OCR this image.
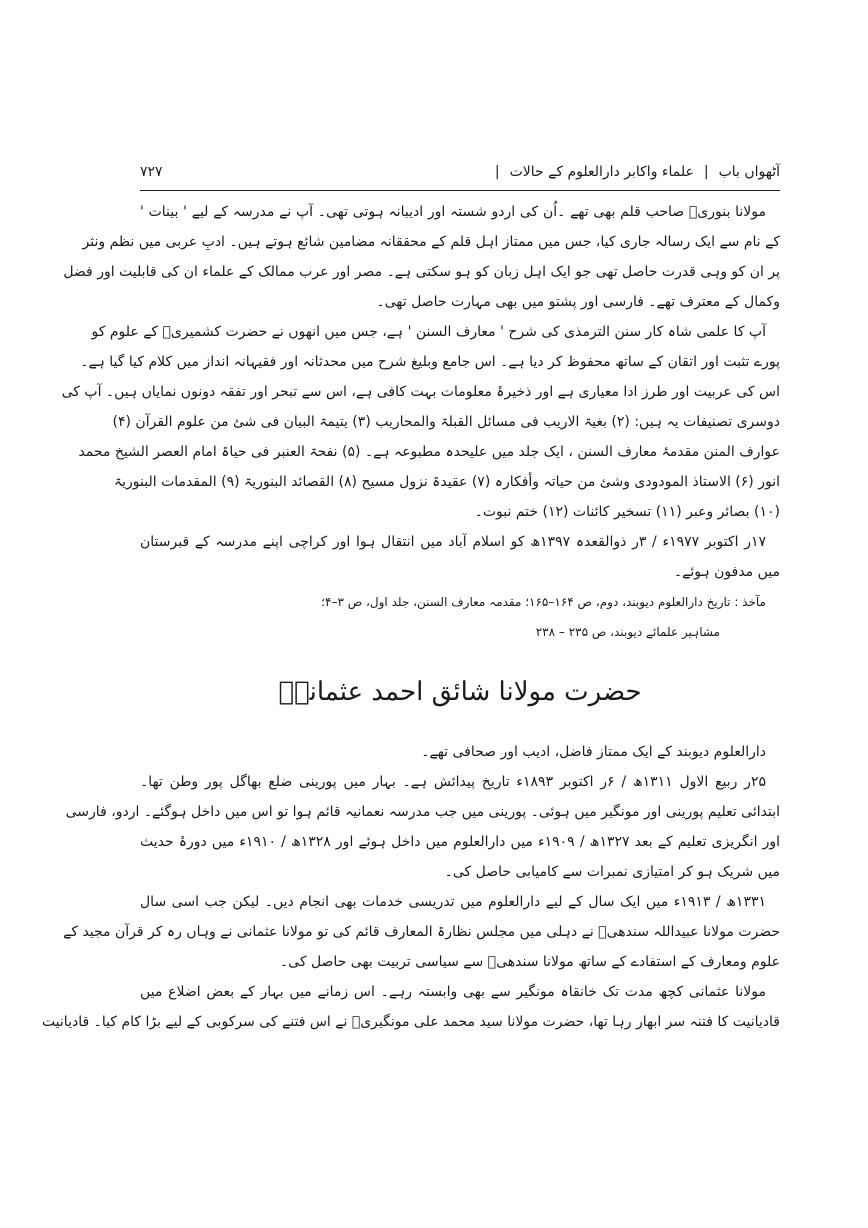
آٹھواں باب
|
علماء واکابر دارالعلوم کے حالات
|
۷۲۷
مولانا بنوریؒ صاحب قلم بھی تھے ۔اُن کی اردو شستہ اور ادیبانہ ہوتی تھی۔ آپ نے مدرسہ کے لیے ' بینات '
کے نام سے ایک رسالہ جاری کیا، جس میں ممتاز اہل قلم کے محققانہ مضامین شائع ہوتے ہیں۔ ادبِ عربی میں نظم ونثر
پر ان کو وہی قدرت حاصل تھی جو ایک اہل زبان کو ہو سکتی ہے۔ مصر اور عرب ممالک کے علماء ان کی قابلیت اور فضل
وکمال کے معترف تھے۔ فارسی اور پشتو میں بھی مہارت حاصل تھی۔
آپ کا علمی شاہ کار سنن الترمذی کی شرح ' معارف السنن ' ہے، جس میں انھوں نے حضرت کشمیریؒ کے علوم کو
پورے تثبت اور اتقان کے ساتھ محفوظ کر دیا ہے۔ اس جامع وبلیغ شرح میں محدثانہ اور فقیہانہ انداز میں کلام کیا گیا ہے۔
اس کی عربیت اور طرز ادا معیاری ہے اور ذخیرۂ معلومات بہت کافی ہے، اس سے تبحر اور تفقہ دونوں نمایاں ہیں۔ آپ کی
دوسری تصنیفات یہ ہیں: (۲) بغیۃ الاریب فی مسائل القبلۃ والمحاریب (۳) یتیمۃ البیان فی شئ من علوم القرآن (۴)
عوارف المنن مقدمۂ معارف السنن ، ایک جلد میں علیحدہ مطبوعہ ہے۔ (۵) نفحۃ العنبر فی حیاۃ امام العصر الشیخ محمد
انور (۶) الاستاذ المودودی وشئ من حیاتہ وأفکارہ (۷) عقیدۃ نزول مسیح (۸) القصائد البنوریۃ (۹) المقدمات البنوریۃ
(۱۰) بصائر وعبر (۱۱) تسخیر کائنات (۱۲) ختم نبوت۔
۱۷ر اکتوبر ۱۹۷۷ء / ۳ر ذوالقعدہ ۱۳۹۷ھ کو اسلام آباد میں انتقال ہوا اور کراچی اپنے مدرسہ کے قبرستان
میں مدفون ہوئے۔
مآخذ : تاریخ دارالعلوم دیوبند، دوم، ص ۱۶۴–۱۶۵؛ مقدمہ معارف السنن، جلد اول، ص ۳–۴؛
مشاہیر علمائے دیوبند، ص ۲۳۵ – ۲۳۸
حضرت مولانا شائق احمد عثمانیؒ
دارالعلوم دیوبند کے ایک ممتاز فاضل، ادیب اور صحافی تھے۔
۲۵ر ربیع الاول ۱۳۱۱ھ / ۶ر اکتوبر ۱۸۹۳ء تاریخ پیدائش ہے۔ بہار میں پورینی ضلع بھاگل پور وطن تھا۔
ابتدائی تعلیم پورینی اور مونگیر میں ہوئی۔ پورینی میں جب مدرسہ نعمانیہ قائم ہوا تو اس میں داخل ہوگئے۔ اردو، فارسی
اور انگریزی تعلیم کے بعد ۱۳۲۷ھ / ۱۹۰۹ء میں دارالعلوم میں داخل ہوئے اور ۱۳۲۸ھ / ۱۹۱۰ء میں دورۂ حدیث
میں شریک ہو کر امتیازی نمبرات سے کامیابی حاصل کی۔
۱۳۳۱ھ / ۱۹۱۳ء میں ایک سال کے لیے دارالعلوم میں تدریسی خدمات بھی انجام دیں۔ لیکن جب اسی سال
حضرت مولانا عبیداللہ سندھیؒ نے دہلی میں مجلس نظارۃ المعارف قائم کی تو مولانا عثمانی نے وہاں رہ کر قرآن مجید کے
علوم ومعارف کے استفادے کے ساتھ مولانا سندھیؒ سے سیاسی تربیت بھی حاصل کی۔
مولانا عثمانی کچھ مدت تک خانقاہ مونگیر سے بھی وابستہ رہے۔ اس زمانے میں بہار کے بعض اضلاع میں
قادیانیت کا فتنہ سر ابھار رہا تھا، حضرت مولانا سید محمد علی مونگیریؒ نے اس فتنے کی سرکوبی کے لیے بڑا کام کیا۔ قادیانیت
